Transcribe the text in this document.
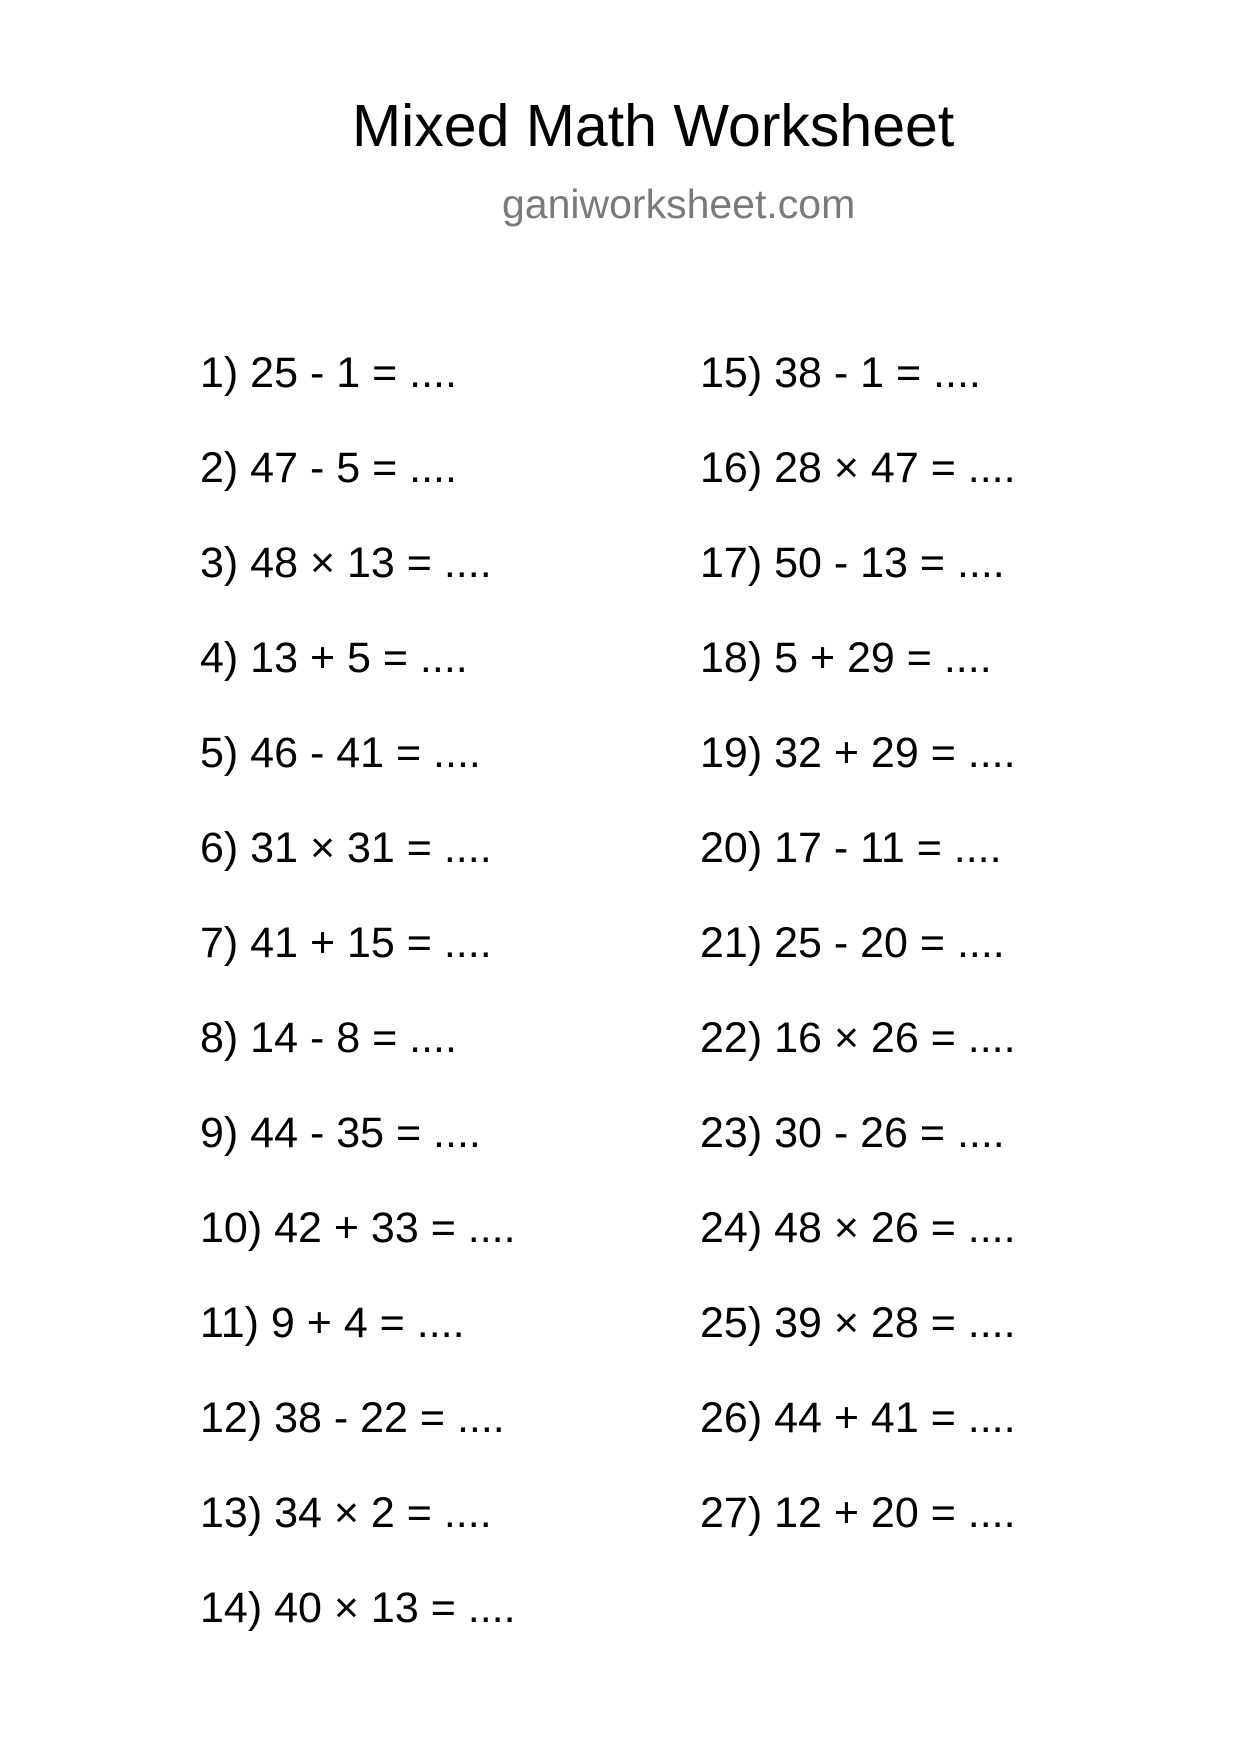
Mixed Math Worksheet
ganiworksheet.com
1) 25 - 1 = ....
2) 47 - 5 = ....
3) 48 × 13 = ....
4) 13 + 5 = ....
5) 46 - 41 = ....
6) 31 × 31 = ....
7) 41 + 15 = ....
8) 14 - 8 = ....
9) 44 - 35 = ....
10) 42 + 33 = ....
11) 9 + 4 = ....
12) 38 - 22 = ....
13) 34 × 2 = ....
14) 40 × 13 = ....
15) 38 - 1 = ....
16) 28 × 47 = ....
17) 50 - 13 = ....
18) 5 + 29 = ....
19) 32 + 29 = ....
20) 17 - 11 = ....
21) 25 - 20 = ....
22) 16 × 26 = ....
23) 30 - 26 = ....
24) 48 × 26 = ....
25) 39 × 28 = ....
26) 44 + 41 = ....
27) 12 + 20 = ....
